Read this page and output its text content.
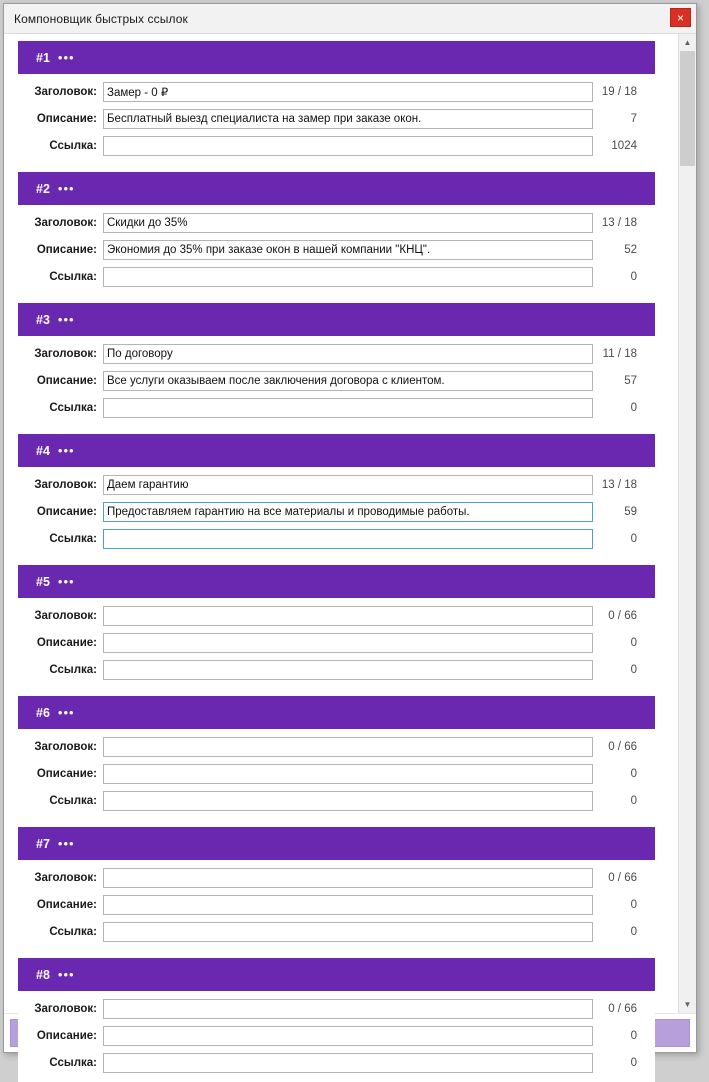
Компоновщик быстрых ссылок	×
#1 •••
Заголовок:
Замер - 0 ₽	19 / 18
Описание:
Бесплатный выезд специалиста на замер при заказе окон.	7
Ссылка:	1024
#2 •••
Заголовок:
Скидки до 35%	13 / 18
Описание:
Экономия до 35% при заказе окон в нашей компании "КНЦ".	52
Ссылка:	0
#3 •••
Заголовок:
По договору	11 / 18
Описание:
Все услуги оказываем после заключения договора с клиентом.	57
Ссылка:	0
#4 •••
Заголовок:
Даем гарантию	13 / 18
Описание:
Предоставляем гарантию на все материалы и проводимые работы.	59
Ссылка:	0
#5 •••
Заголовок:	0 / 66
Описание:	0
Ссылка:	0
#6 •••
Заголовок:	0 / 66
Описание:	0
Ссылка:	0
#7 •••
Заголовок:	0 / 66
Описание:	0
Ссылка:	0
#8 •••
Заголовок:	0 / 66
Описание:	0
Ссылка:	0
▲
▼
